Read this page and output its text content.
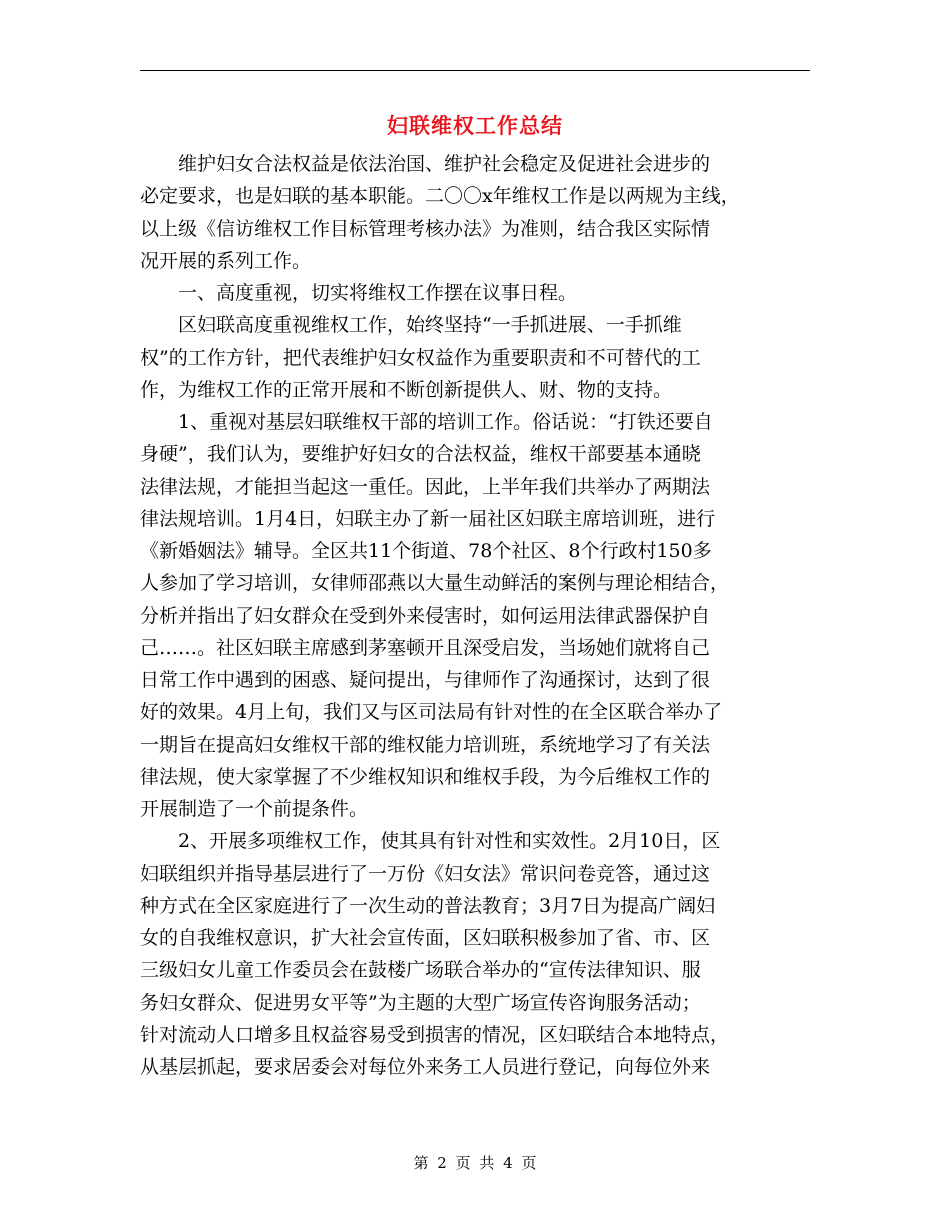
妇联维权工作总结
　　维护妇女合法权益是依法治国、维护社会稳定及促进社会进步的
必定要求，也是妇联的基本职能。二〇〇x年维权工作是以两规为主线，
以上级《信访维权工作目标管理考核办法》为准则，结合我区实际情
况开展的系列工作。
　　一、高度重视，切实将维权工作摆在议事日程。
　　区妇联高度重视维权工作，始终坚持“一手抓进展、一手抓维
权”的工作方针，把代表维护妇女权益作为重要职责和不可替代的工
作，为维权工作的正常开展和不断创新提供人、财、物的支持。
　　1、重视对基层妇联维权干部的培训工作。俗话说：“打铁还要自
身硬”，我们认为，要维护好妇女的合法权益，维权干部要基本通晓
法律法规，才能担当起这一重任。因此，上半年我们共举办了两期法
律法规培训。1月4日，妇联主办了新一届社区妇联主席培训班，进行
《新婚姻法》辅导。全区共11个街道、78个社区、8个行政村150多
人参加了学习培训，女律师邵燕以大量生动鲜活的案例与理论相结合，
分析并指出了妇女群众在受到外来侵害时，如何运用法律武器保护自
己……。社区妇联主席感到茅塞顿开且深受启发，当场她们就将自己
日常工作中遇到的困惑、疑问提出，与律师作了沟通探讨，达到了很
好的效果。4月上旬，我们又与区司法局有针对性的在全区联合举办了
一期旨在提高妇女维权干部的维权能力培训班，系统地学习了有关法
律法规，使大家掌握了不少维权知识和维权手段，为今后维权工作的
开展制造了一个前提条件。
　　2、开展多项维权工作，使其具有针对性和实效性。2月10日，区
妇联组织并指导基层进行了一万份《妇女法》常识问卷竞答，通过这
种方式在全区家庭进行了一次生动的普法教育；3月7日为提高广阔妇
女的自我维权意识，扩大社会宣传面，区妇联积极参加了省、市、区
三级妇女儿童工作委员会在鼓楼广场联合举办的“宣传法律知识、服
务妇女群众、促进男女平等”为主题的大型广场宣传咨询服务活动；
针对流动人口增多且权益容易受到损害的情况，区妇联结合本地特点，
从基层抓起，要求居委会对每位外来务工人员进行登记，向每位外来
第 2 页 共 4 页
